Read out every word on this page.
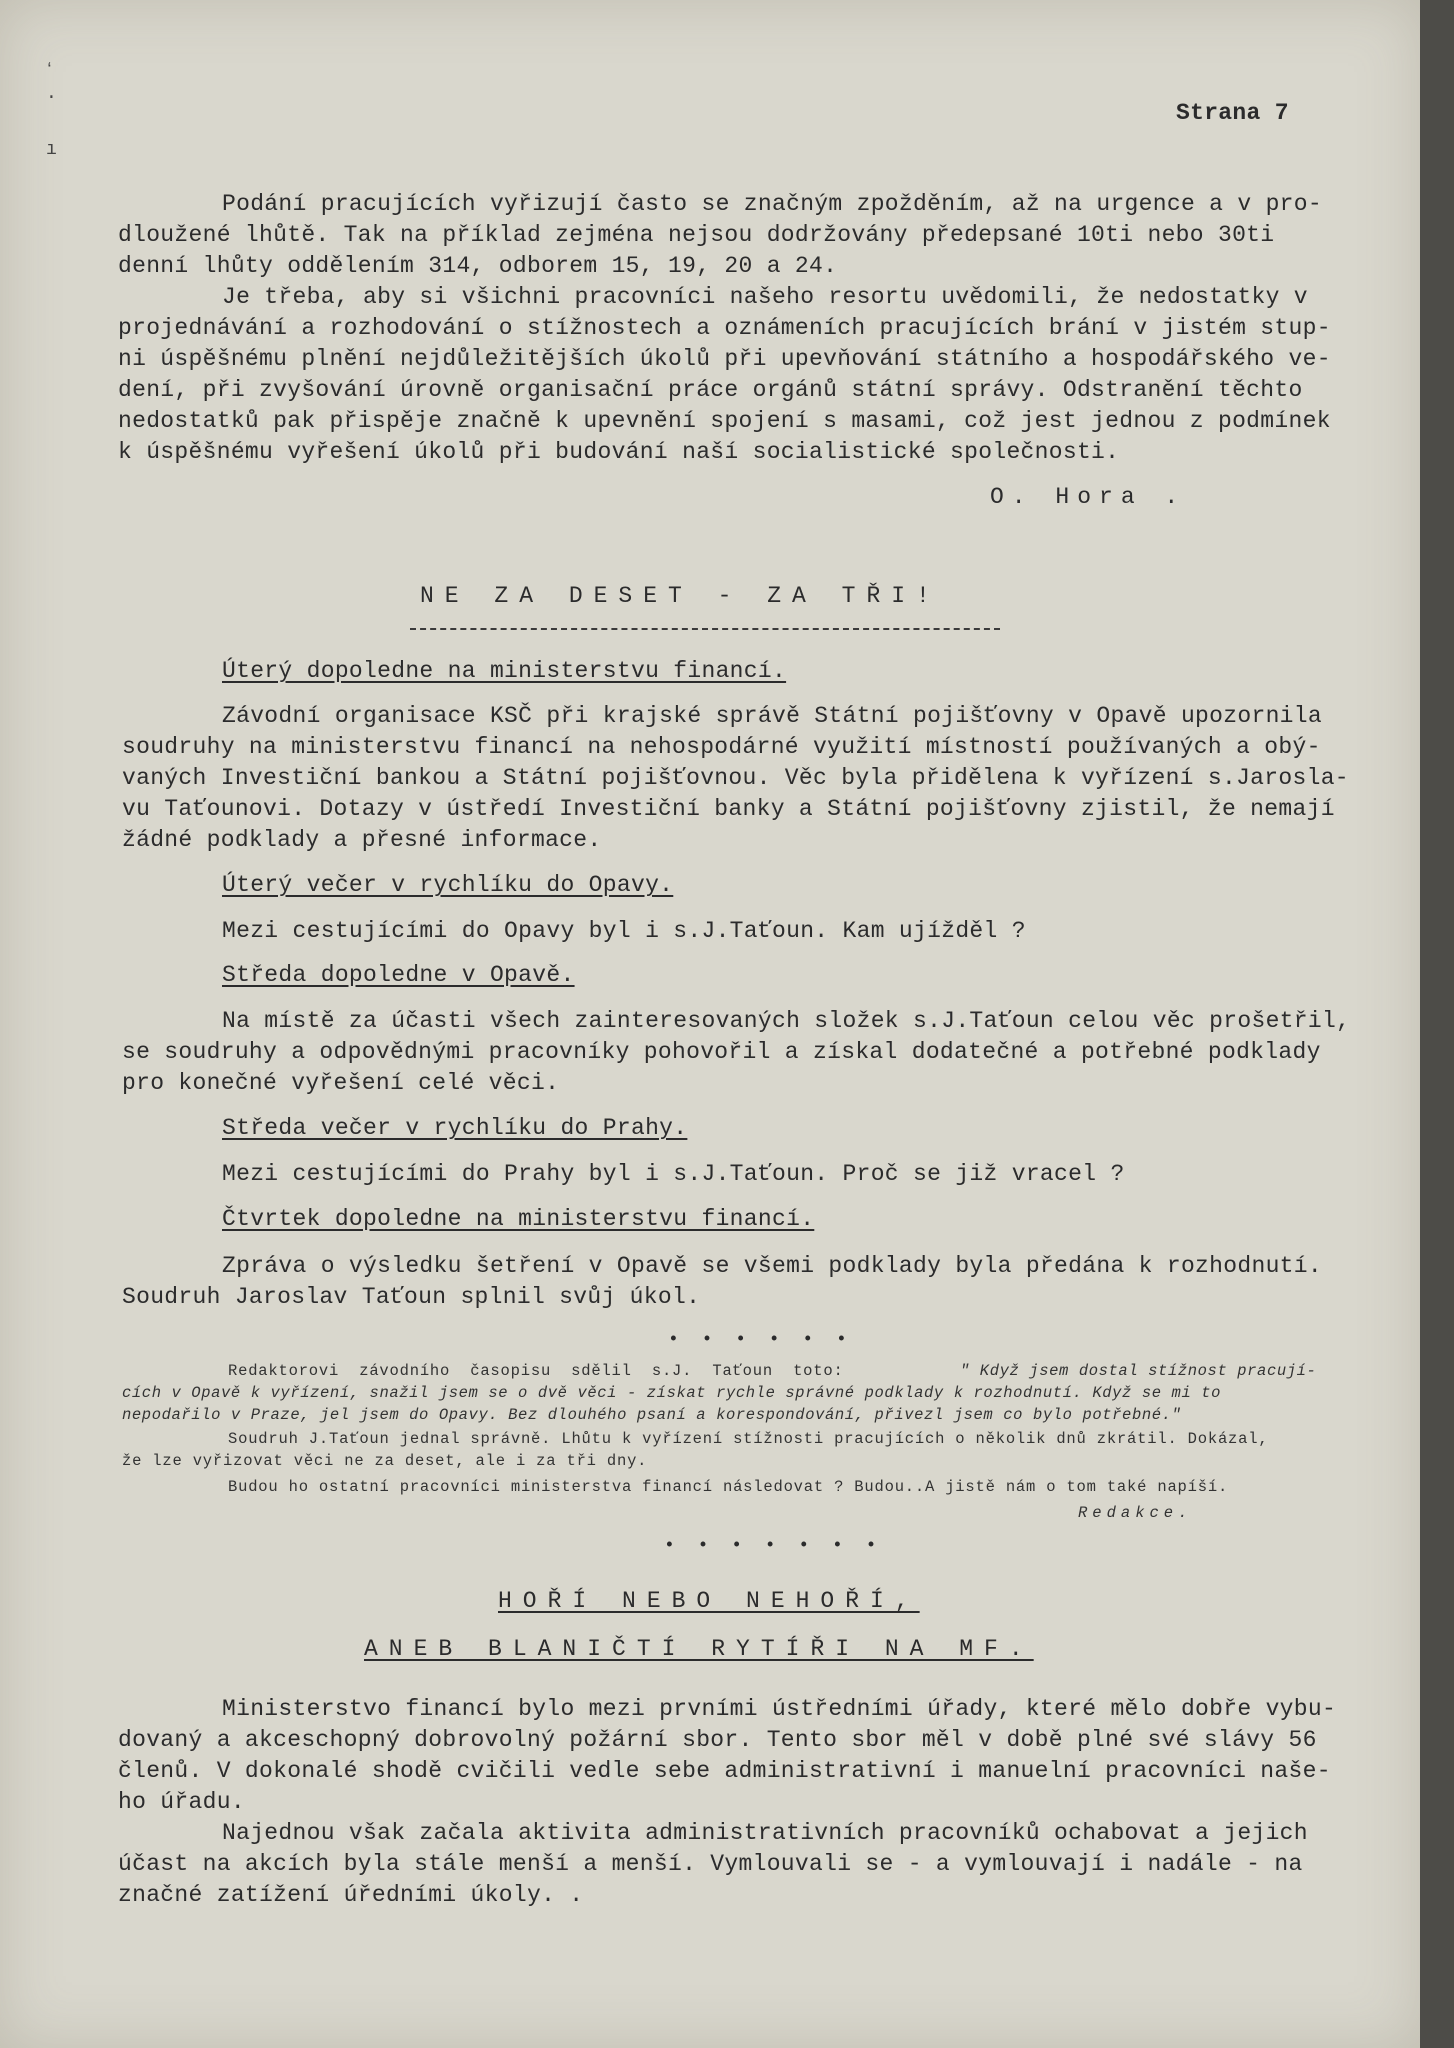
ʻ
·
ı
Strana 7
Podání pracujících vyřizují často se značným zpožděním, až na urgence a v pro-
dloužené lhůtě. Tak na příklad zejména nejsou dodržovány předepsané 10ti nebo 30ti
denní lhůty oddělením 314, odborem 15, 19, 20 a 24.
Je třeba, aby si všichni pracovníci našeho resortu uvědomili, že nedostatky v
projednávání a rozhodování o stížnostech a oznámeních pracujících brání v jistém stup-
ni úspěšnému plnění nejdůležitějších úkolů při upevňování státního a hospodářského ve-
dení, při zvyšování úrovně organisační práce orgánů státní správy. Odstranění těchto
nedostatků pak přispěje značně k upevnění spojení s masami, což jest jednou z podmínek
k úspěšnému vyřešení úkolů při budování naší socialistické společnosti.
O. Hora .
NE ZA DESET - ZA TŘI!
Úterý dopoledne na ministerstvu financí.
Závodní organisace KSČ při krajské správě Státní pojišťovny v Opavě upozornila
soudruhy na ministerstvu financí na nehospodárné využití místností používaných a obý-
vaných Investiční bankou a Státní pojišťovnou. Věc byla přidělena k vyřízení s.Jarosla-
vu Taťounovi. Dotazy v ústředí Investiční banky a Státní pojišťovny zjistil, že nemají
žádné podklady a přesné informace.
Úterý večer v rychlíku do Opavy.
Mezi cestujícími do Opavy byl i s.J.Taťoun. Kam ujížděl ?
Středa dopoledne v Opavě.
Na místě za účasti všech zainteresovaných složek s.J.Taťoun celou věc prošetřil,
se soudruhy a odpovědnými pracovníky pohovořil a získal dodatečné a potřebné podklady
pro konečné vyřešení celé věci.
Středa večer v rychlíku do Prahy.
Mezi cestujícími do Prahy byl i s.J.Taťoun. Proč se již vracel ?
Čtvrtek dopoledne na ministerstvu financí.
Zpráva o výsledku šetření v Opavě se všemi podklady byla předána k rozhodnutí.
Soudruh Jaroslav Taťoun splnil svůj úkol.
• • • • • •
Redaktorovi závodního časopisu sdělil s.J. Taťoun toto:	" Když jsem dostal stížnost pracují-
cích v Opavě k vyřízení, snažil jsem se o dvě věci - získat rychle správné podklady k rozhodnutí. Když se mi to
nepodařilo v Praze, jel jsem do Opavy. Bez dlouhého psaní a korespondování, přivezl jsem co bylo potřebné."
Soudruh J.Taťoun jednal správně. Lhůtu k vyřízení stížnosti pracujících o několik dnů zkrátil. Dokázal,
že lze vyřizovat věci ne za deset, ale i za tři dny.
Budou ho ostatní pracovníci ministerstva financí následovat ? Budou..A jistě nám o tom také napíší.
Redakce.
• • • • • • •
HOŘÍ NEBO NEHOŘÍ,
ANEB BLANIČTÍ RYTÍŘI NA MF.
Ministerstvo financí bylo mezi prvními ústředními úřady, které mělo dobře vybu-
dovaný a akceschopný dobrovolný požární sbor. Tento sbor měl v době plné své slávy 56
členů. V dokonalé shodě cvičili vedle sebe administrativní i manuelní pracovníci naše-
ho úřadu.
Najednou však začala aktivita administrativních pracovníků ochabovat a jejich
účast na akcích byla stále menší a menší. Vymlouvali se - a vymlouvají i nadále - na
značné zatížení úředními úkoly. .
